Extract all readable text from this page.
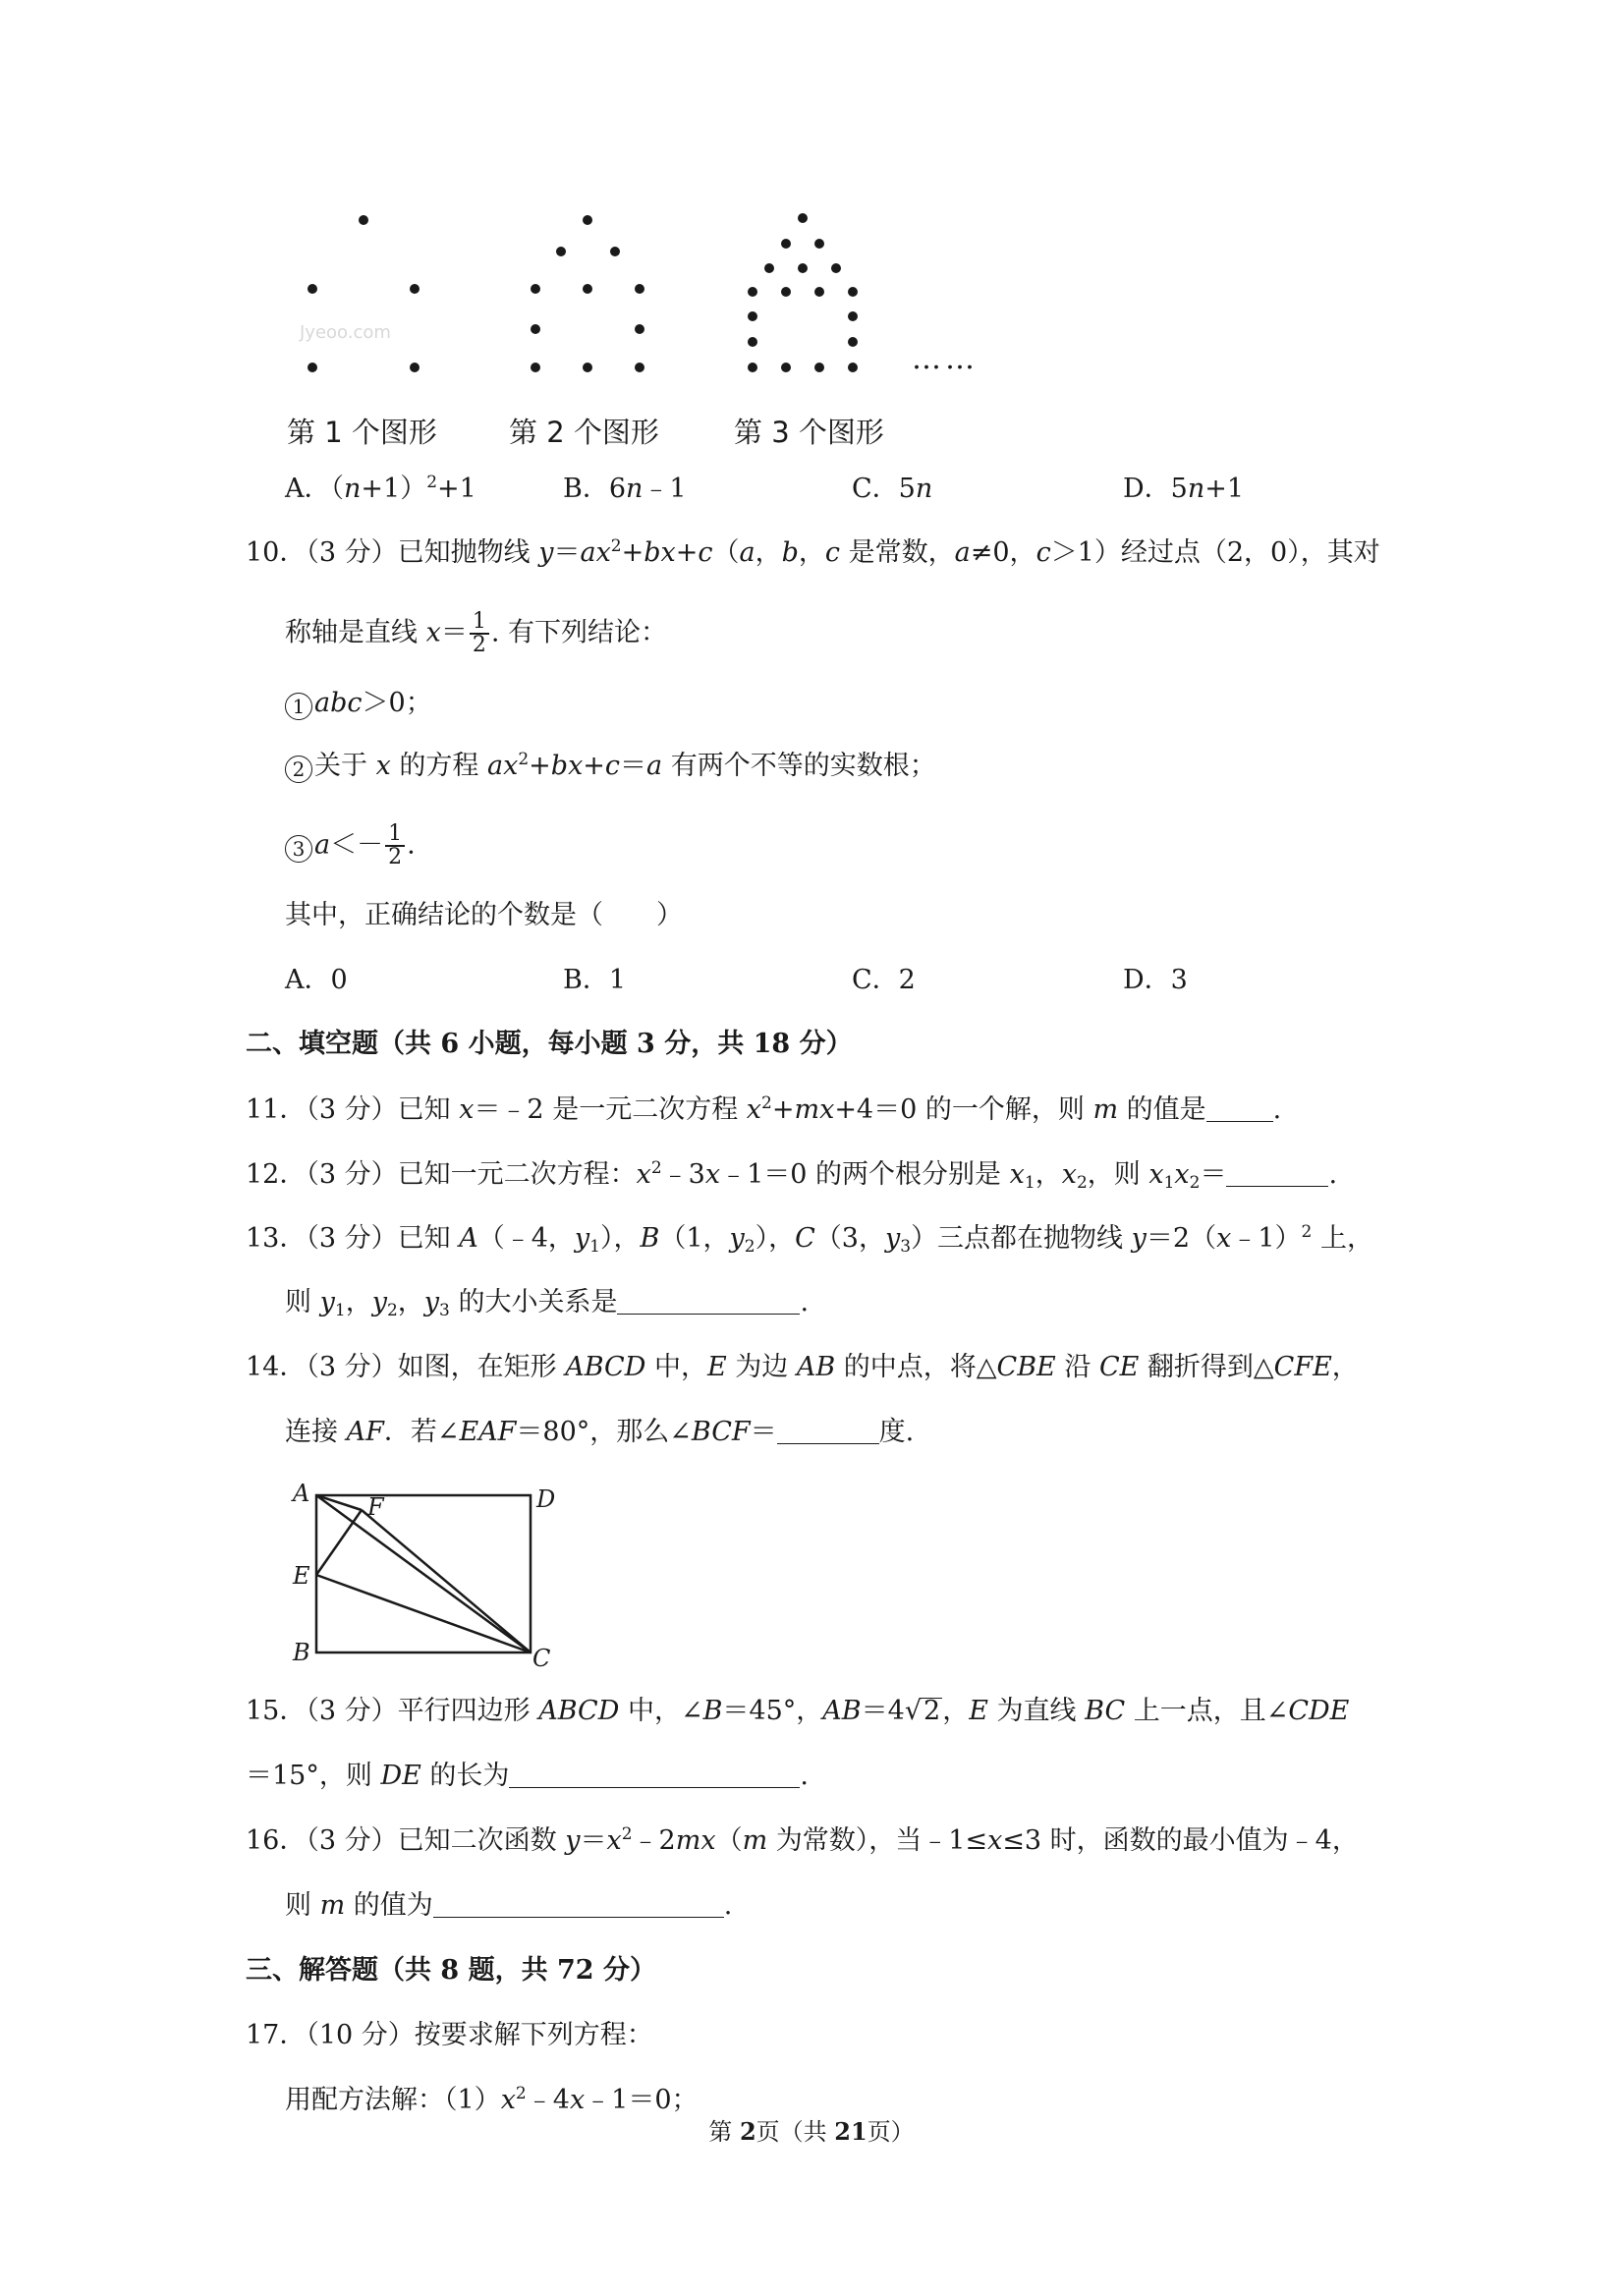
Jyeoo.com
……
第 1 个图形	第 2 个图形	第 3 个图形
A．$(n+1)^2+1$	B．6n﹣1	C．5n	D．5n+1
10．（3 分）已知抛物线 $y=ax^2+bx+c(a$，b，c 是常数，a≠0，c＞1）经过点（2，0），其对
称轴是直线 $x= \frac{1}{2}$ . 有下列结论：
1 abc＞0；
2 关于 x 的方程 $ax^2+bx+c=a$ 有两个不等的实数根；
3 $a<- \frac{1}{2}$ .
其中，正确结论的个数是（　　）
A．0	B．1	C．2	D．3
二、填空题（共 6 小题，每小题 3 分，共 18 分）
11．（3 分）已知 x＝﹣2 是一元二次方程 $x^2+mx+4=0$ 的一个解，则 m 的值是	.
12．（3 分）已知一元二次方程：$x^2﹣3x﹣1=0$ 的两个根分别是 $x_1$，$x_2$，则 $x_1x_2=$	.
13．（3 分）已知 A（﹣4，$y_1$），B（1，$y_2$），C（3，$y_3$）三点都在抛物线 y＝2（x﹣1）$^2$ 上，
则 $y_1$，$y_2$，$y_3$ 的大小关系是	.
14．（3 分）如图，在矩形 ABCD 中，E 为边 AB 的中点，将△CBE 沿 CE 翻折得到△CFE，
连接 AF．若∠EAF＝80°，那么∠BCF＝	度.
A F	D
E
B	C
15．（3 分）平行四边形 ABCD 中，∠B＝45°，AB＝4√2，E 为直线 BC 上一点，且∠CDE
＝15°，则 DE 的长为	.
16．（3 分）已知二次函数 $y=x^2﹣2mx(m$ 为常数），当﹣1≤x≤3 时，函数的最小值为﹣4，
则 m 的值为	.
三、解答题（共 8 题，共 72 分）
17．（10 分）按要求解下列方程：
用配方法解：$(1)x^2﹣4x﹣1=0$；
第 2页（共 21页）
